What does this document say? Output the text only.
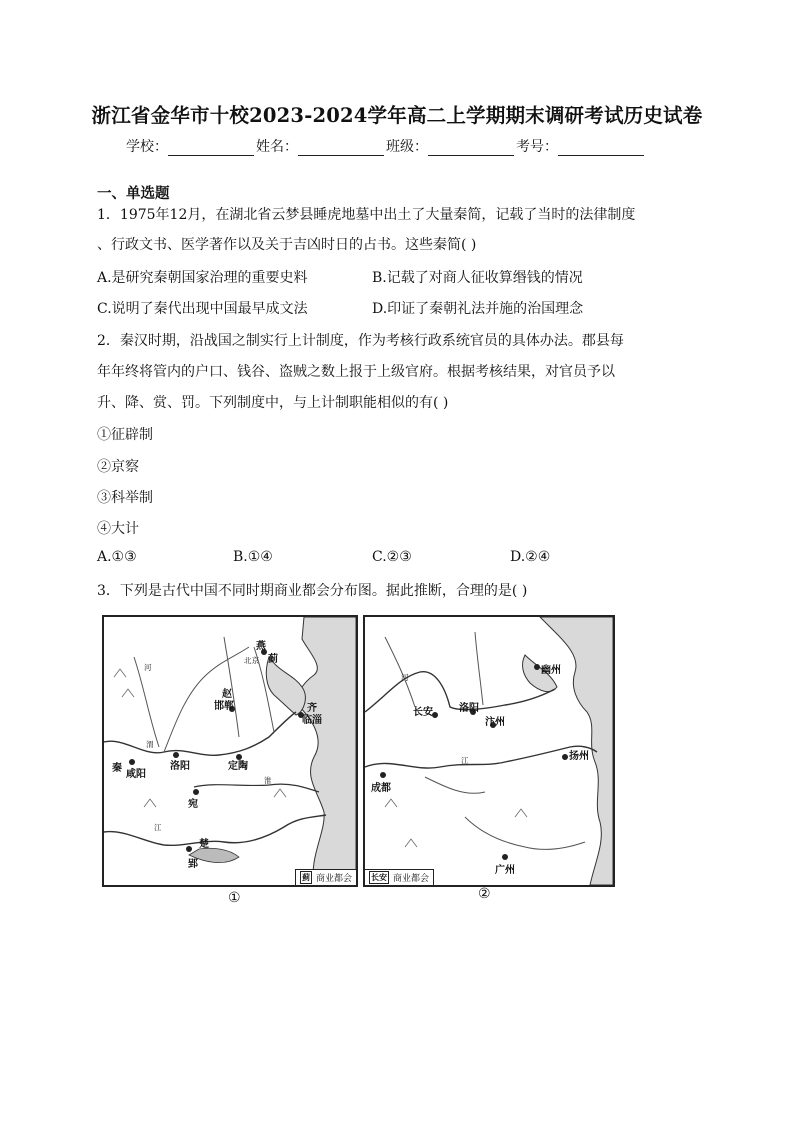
浙江省金华市十校2023-2024学年高二上学期期末调研考试历史试卷
学校：	姓名：	班级：	考号：
一、单选题
1．1975年12月，在湖北省云梦县睡虎地墓中出土了大量秦简，记载了当时的法律制度
、行政文书、医学著作以及关于吉凶时日的占书。这些秦简( )
A.是研究秦朝国家治理的重要史料	B.记载了对商人征收算缗钱的情况
C.说明了秦代出现中国最早成文法	D.印证了秦朝礼法并施的治国理念
2．秦汉时期，沿战国之制实行上计制度，作为考核行政系统官员的具体办法。郡县每
年年终将管内的户口、钱谷、盗贼之数上报于上级官府。根据考核结果，对官员予以
升、降、赏、罚。下列制度中，与上计制职能相似的有( )
①征辟制
②京察
③科举制
④大计
A.①③	B.①④	C.②③	D.②④
3．下列是古代中国不同时期商业都会分布图。据此推断，合理的是( )
燕
蓟
北京
赵
邯郸	齐
临淄
洛阳	定陶
秦
咸阳
宛
楚
郢
河
渭
江
淮
蓟 商业都会
①
幽州
长安	洛阳
汴州
扬州
成都
广州
河
江
长安 商业都会
②
